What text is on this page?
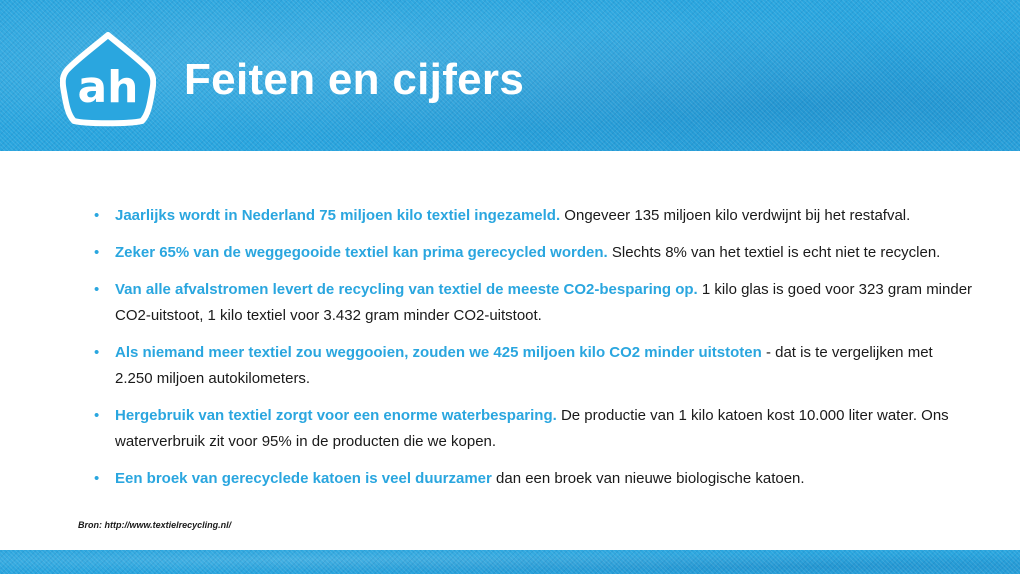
ah Feiten en cijfers
• Jaarlijks wordt in Nederland 75 miljoen kilo textiel ingezameld. Ongeveer 135 miljoen kilo verdwijnt bij het restafval.
• Zeker 65% van de weggegooide textiel kan prima gerecycled worden. Slechts 8% van het textiel is echt niet te recyclen.
• Van alle afvalstromen levert de recycling van textiel de meeste CO2-besparing op. 1 kilo glas is goed voor 323 gram minder CO2-uitstoot, 1 kilo textiel voor 3.432 gram minder CO2-uitstoot.
• Als niemand meer textiel zou weggooien, zouden we 425 miljoen kilo CO2 minder uitstoten - dat is te vergelijken met 2.250 miljoen autokilometers.
• Hergebruik van textiel zorgt voor een enorme waterbesparing. De productie van 1 kilo katoen kost 10.000 liter water. Ons waterverbruik zit voor 95% in de producten die we kopen.
• Een broek van gerecyclede katoen is veel duurzamer dan een broek van nieuwe biologische katoen.
Bron: http://www.textielrecycling.nl/
